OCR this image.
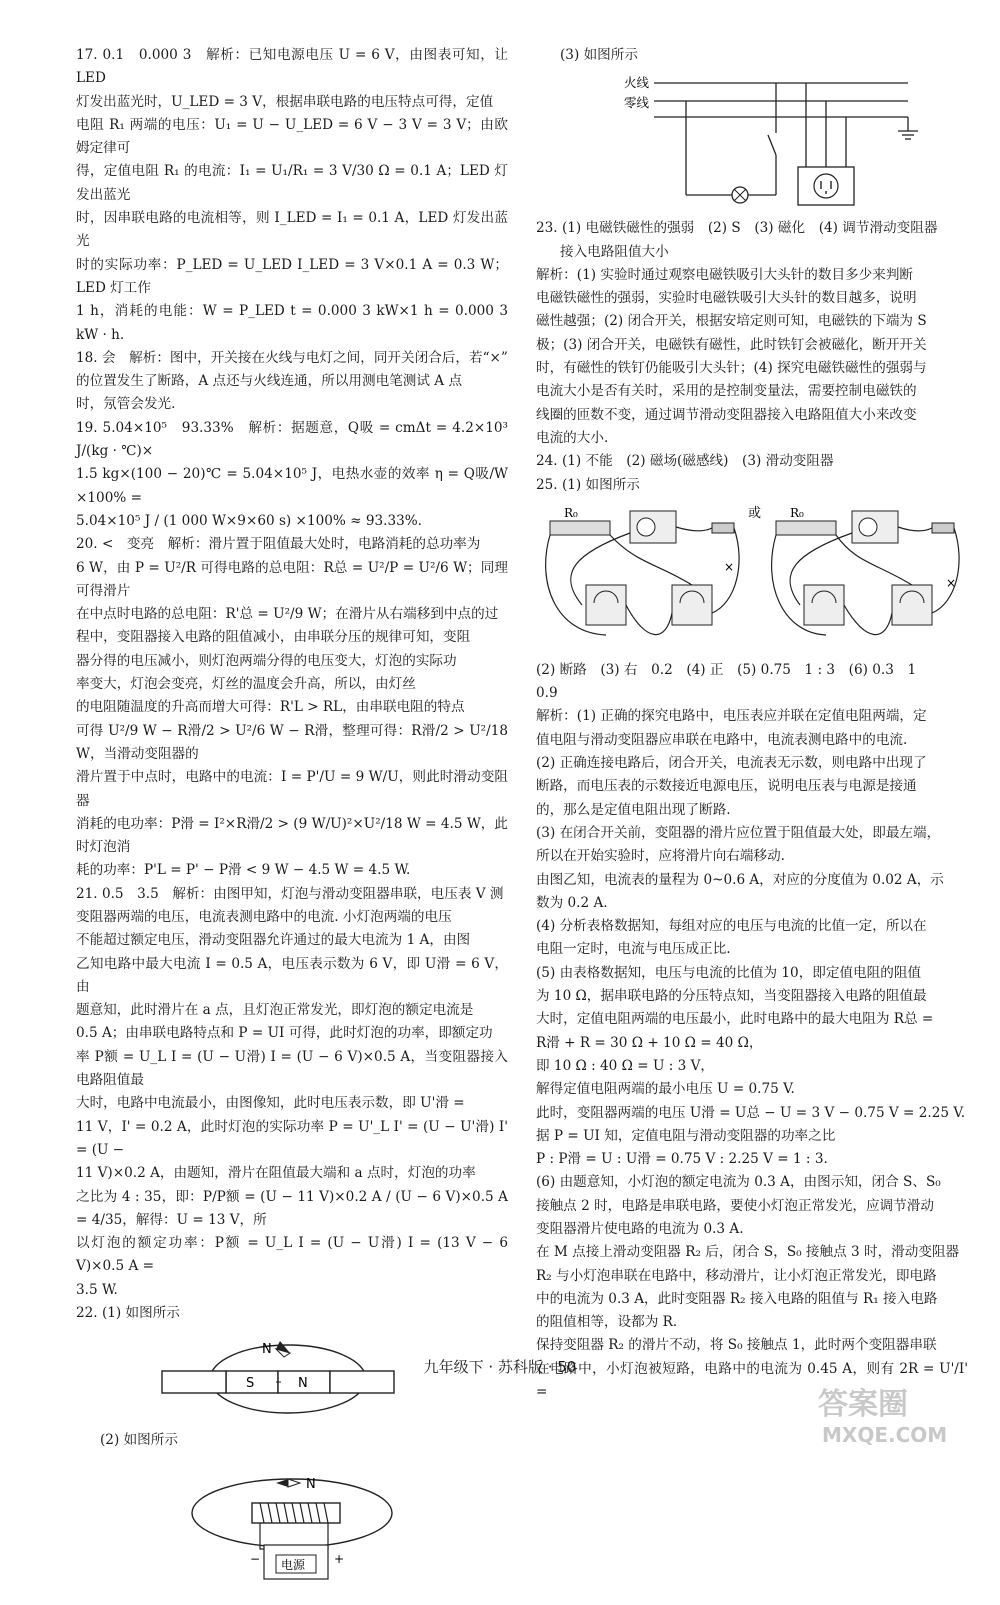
17. 0.1　0.000 3　解析：已知电源电压 U = 6 V，由图表可知，让 LED

灯发出蓝光时，U_LED = 3 V，根据串联电路的电压特点可得，定值

电阻 R₁ 两端的电压：U₁ = U − U_LED = 6 V − 3 V = 3 V；由欧姆定律可

得，定值电阻 R₁ 的电流：I₁ = U₁/R₁ = 3 V/30 Ω = 0.1 A；LED 灯发出蓝光

时，因串联电路的电流相等，则 I_LED = I₁ = 0.1 A，LED 灯发出蓝光

时的实际功率：P_LED = U_LED I_LED = 3 V×0.1 A = 0.3 W；LED 灯工作

1 h，消耗的电能：W = P_LED t = 0.000 3 kW×1 h = 0.000 3 kW · h.

18. 会　解析：图中，开关接在火线与电灯之间，同开关闭合后，若“×”

的位置发生了断路，A 点还与火线连通，所以用测电笔测试 A 点

时，氖管会发光.

19. 5.04×10⁵　93.33%　解析：据题意，Q吸 = cmΔt = 4.2×10³ J/(kg · ℃)×

1.5 kg×(100 − 20)℃ = 5.04×10⁵ J，电热水壶的效率 η = Q吸/W ×100% =

5.04×10⁵ J / (1 000 W×9×60 s) ×100% ≈ 93.33%.

20. <　变亮　解析：滑片置于阻值最大处时，电路消耗的总功率为

6 W，由 P = U²/R 可得电路的总电阻：R总 = U²/P = U²/6 W；同理可得滑片

在中点时电路的总电阻：R'总 = U²/9 W；在滑片从右端移到中点的过

程中，变阻器接入电路的阻值减小，由串联分压的规律可知，变阻

器分得的电压减小，则灯泡两端分得的电压变大，灯泡的实际功

率变大，灯泡会变亮，灯丝的温度会升高，所以，由灯丝

的电阻随温度的升高而增大可得：R'L > RL，由串联电阻的特点

可得 U²/9 W − R滑/2 > U²/6 W − R滑，整理可得：R滑/2 > U²/18 W，当滑动变阻器的

滑片置于中点时，电路中的电流：I = P'/U = 9 W/U，则此时滑动变阻器

消耗的电功率：P滑 = I²×R滑/2 > (9 W/U)²×U²/18 W = 4.5 W，此时灯泡消

耗的功率：P'L = P' − P滑 < 9 W − 4.5 W = 4.5 W.

21. 0.5　3.5　解析：由图甲知，灯泡与滑动变阻器串联，电压表 V 测

变阻器两端的电压，电流表测电路中的电流. 小灯泡两端的电压

不能超过额定电压，滑动变阻器允许通过的最大电流为 1 A，由图

乙知电路中最大电流 I = 0.5 A，电压表示数为 6 V，即 U滑 = 6 V，由

题意知，此时滑片在 a 点，且灯泡正常发光，即灯泡的额定电流是

0.5 A；由串联电路特点和 P = UI 可得，此时灯泡的功率，即额定功

率 P额 = U_L I = (U − U滑) I = (U − 6 V)×0.5 A，当变阻器接入电路阻值最

大时，电路中电流最小，由图像知，此时电压表示数，即 U'滑 =

11 V，I' = 0.2 A，此时灯泡的实际功率 P = U'_L I' = (U − U'滑) I' = (U −

11 V)×0.2 A，由题知，滑片在阻值最大端和 a 点时，灯泡的功率

之比为 4 : 35，即：P/P额 = (U − 11 V)×0.2 A / (U − 6 V)×0.5 A = 4/35，解得：U = 13 V，所

以灯泡的额定功率：P额 = U_L I = (U − U滑) I = (13 V − 6 V)×0.5 A =

3.5 W.

22. (1) 如图所示

N
S	N

(2) 如图所示

N
−	+
电源

(3) 如图所示

火线
零线

23. (1) 电磁铁磁性的强弱　(2) S　(3) 磁化　(4) 调节滑动变阻器

接入电路阻值大小

解析：(1) 实验时通过观察电磁铁吸引大头针的数目多少来判断

电磁铁磁性的强弱，实验时电磁铁吸引大头针的数目越多，说明

磁性越强；(2) 闭合开关，根据安培定则可知，电磁铁的下端为 S

极；(3) 闭合开关，电磁铁有磁性，此时铁钉会被磁化，断开开关

时，有磁性的铁钉仍能吸引大头针；(4) 探究电磁铁磁性的强弱与

电流大小是否有关时，采用的是控制变量法，需要控制电磁铁的

线圈的匝数不变，通过调节滑动变阻器接入电路阻值大小来改变

电流的大小.

24. (1) 不能　(2) 磁场(磁感线)　(3) 滑动变阻器

25. (1) 如图所示

R₀
×
或 R₀
×

(2) 断路　(3) 右　0.2　(4) 正　(5) 0.75　1 : 3　(6) 0.3　1

0.9

解析：(1) 正确的探究电路中，电压表应并联在定值电阻两端，定

值电阻与滑动变阻器应串联在电路中，电流表测电路中的电流.

(2) 正确连接电路后，闭合开关，电流表无示数，则电路中出现了

断路，而电压表的示数接近电源电压，说明电压表与电源是接通

的，那么是定值电阻出现了断路.

(3) 在闭合开关前，变阻器的滑片应位置于阻值最大处，即最左端，

所以在开始实验时，应将滑片向右端移动.

由图乙知，电流表的量程为 0~0.6 A，对应的分度值为 0.02 A，示

数为 0.2 A.

(4) 分析表格数据知，每组对应的电压与电流的比值一定，所以在

电阻一定时，电流与电压成正比.

(5) 由表格数据知，电压与电流的比值为 10，即定值电阻的阻值

为 10 Ω，据串联电路的分压特点知，当变阻器接入电路的阻值最

大时，定值电阻两端的电压最小，此时电路中的最大电阻为 R总 =

R滑 + R = 30 Ω + 10 Ω = 40 Ω，

即 10 Ω : 40 Ω = U : 3 V，

解得定值电阻两端的最小电压 U = 0.75 V.

此时，变阻器两端的电压 U滑 = U总 − U = 3 V − 0.75 V = 2.25 V.

据 P = UI 知，定值电阻与滑动变阻器的功率之比

P : P滑 = U : U滑 = 0.75 V : 2.25 V = 1 : 3.

(6) 由题意知，小灯泡的额定电流为 0.3 A，由图示知，闭合 S、S₀

接触点 2 时，电路是串联电路，要使小灯泡正常发光，应调节滑动

变阻器滑片使电路的电流为 0.3 A.

在 M 点接上滑动变阻器 R₂ 后，闭合 S，S₀ 接触点 3 时，滑动变阻器

R₂ 与小灯泡串联在电路中，移动滑片，让小灯泡正常发光，即电路

中的电流为 0.3 A，此时变阻器 R₂ 接入电路的阻值与 R₁ 接入电路

的阻值相等，设都为 R.

保持变阻器 R₂ 的滑片不动，将 S₀ 接触点 1，此时两个变阻器串联

在电路中，小灯泡被短路，电路中的电流为 0.45 A，则有 2R = U'/I' =

九年级下 · 苏科版 · 50
答案圈
MXQE.COM
